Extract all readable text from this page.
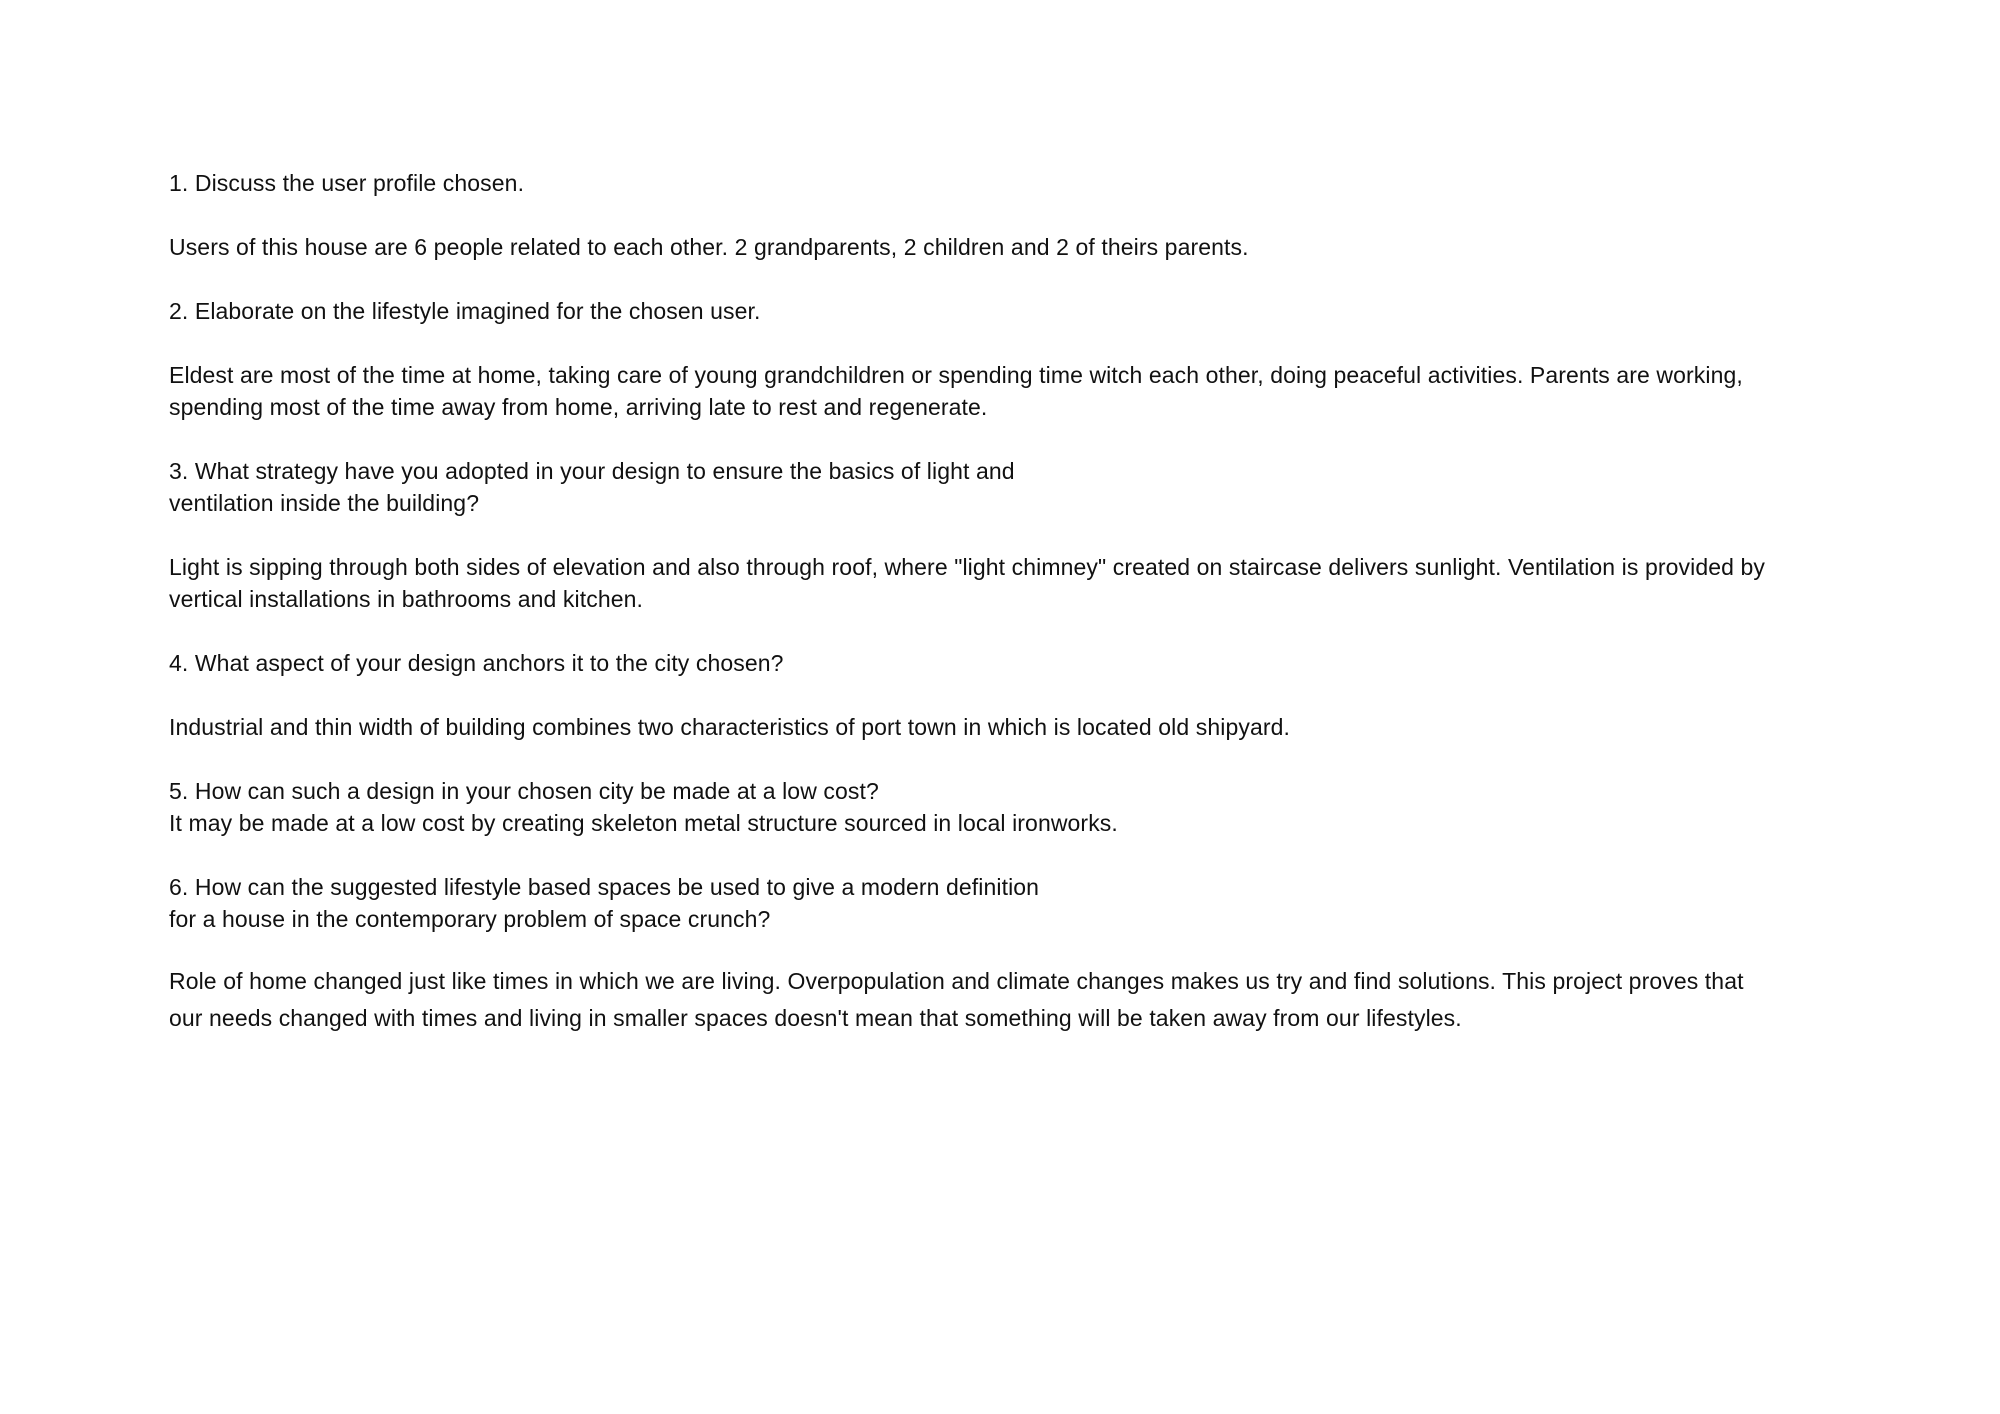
1. Discuss the user profile chosen.
Users of this house are 6 people related to each other. 2 grandparents, 2 children and 2 of theirs parents.
2. Elaborate on the lifestyle imagined for the chosen user.
Eldest are most of the time at home, taking care of young grandchildren or spending time witch each other, doing peaceful activities. Parents are working,
spending most of the time away from home, arriving late to rest and regenerate.
3. What strategy have you adopted in your design to ensure the basics of light and
ventilation inside the building?
Light is sipping through both sides of elevation and also through roof, where "light chimney" created on staircase delivers sunlight. Ventilation is provided by
vertical installations in bathrooms and kitchen.
4. What aspect of your design anchors it to the city chosen?
Industrial and thin width of building combines two characteristics of port town in which is located old shipyard.
5. How can such a design in your chosen city be made at a low cost?
It may be made at a low cost by creating skeleton metal structure sourced in local ironworks.
6. How can the suggested lifestyle based spaces be used to give a modern definition
for a house in the contemporary problem of space crunch?
Role of home changed just like times in which we are living. Overpopulation and climate changes makes us try and find solutions. This project proves that
our needs changed with times and living in smaller spaces doesn't mean that something will be taken away from our lifestyles.
